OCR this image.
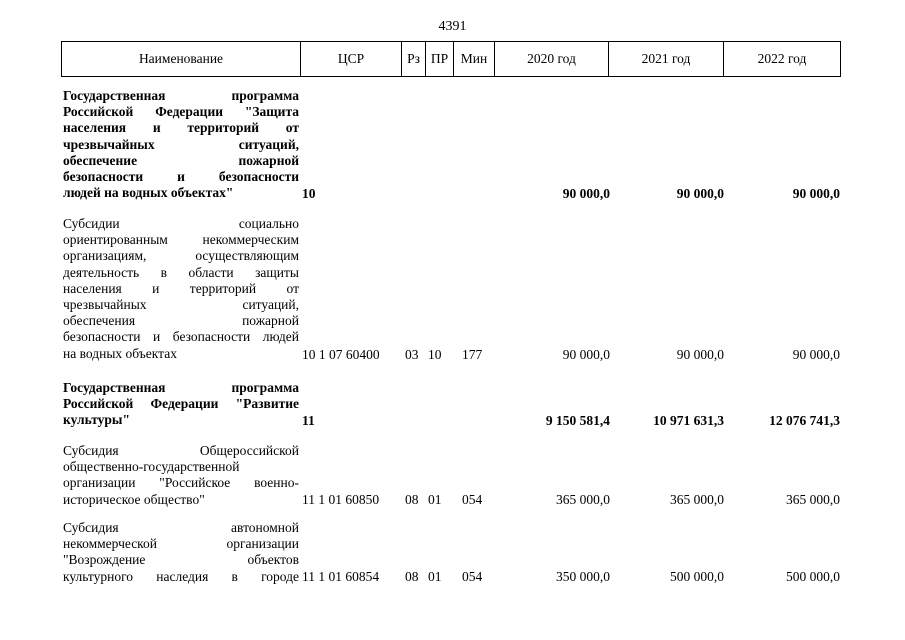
4391
Наименование	ЦСР	Рз ПР Мин	2020 год	2021 год	2022 год
Государственная программа
Российской Федерации "Защита
населения и территорий от
чрезвычайных ситуаций,
обеспечение пожарной
безопасности и безопасности
людей на водных объектах"	10	90 000,0	90 000,0	90 000,0
Субсидии социально
ориентированным некоммерческим
организациям, осуществляющим
деятельность в области защиты
населения и территорий от
чрезвычайных ситуаций,
обеспечения пожарной
безопасности и безопасности людей
на водных объектах	10 1 07 60400 03 10 177	90 000,0	90 000,0	90 000,0
Государственная программа
Российской Федерации "Развитие
культуры"	11	9 150 581,4	10 971 631,3	12 076 741,3
Субсидия Общероссийской
общественно-государственной
организации "Российское военно-
историческое общество"	11 1 01 60850 08 01 054	365 000,0	365 000,0	365 000,0
Субсидия автономной
некоммерческой организации
"Возрождение объектов
культурного наследия в городе 11 1 01 60854 08 01 054	350 000,0	500 000,0	500 000,0
